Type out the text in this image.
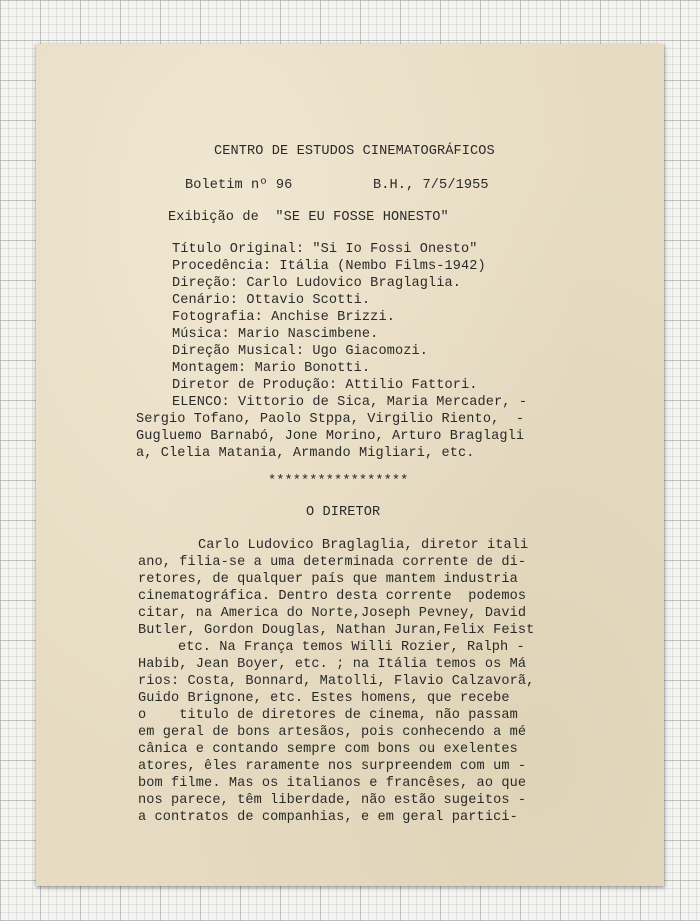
CENTRO DE ESTUDOS CINEMATOGRÁFICOS
Boletim nº 96	B.H., 7/5/1955
Exibição de  "SE EU FOSSE HONESTO"
Título Original: "Si Io Fossi Onesto"
Procedência: Itália (Nembo Films-1942)
Direção: Carlo Ludovico Braglaglia.
Cenário: Ottavio Scotti.
Fotografia: Anchise Brizzi.
Música: Mario Nascimbene.
Direção Musical: Ugo Giacomozi.
Montagem: Mario Bonotti.
Diretor de Produção: Attilio Fattori.
ELENCO: Vittorio de Sica, Maria Mercader, -
Sergio Tofano, Paolo Stppa, Virgilio Riento,  -
Gugluemo Barnabó, Jone Morino, Arturo Braglagli
a, Clelia Matania, Armando Migliari, etc.
*****************
O DIRETOR
Carlo Ludovico Braglaglia, diretor itali
ano, filia-se a uma determinada corrente de di-
retores, de qualquer país que mantem industria
cinematográfica. Dentro desta corrente  podemos
citar, na America do Norte,Joseph Pevney, David
Butler, Gordon Douglas, Nathan Juran,Felix Feist
etc. Na França temos Willi Rozier, Ralph -
Habib, Jean Boyer, etc. ; na Itália temos os Má
rios: Costa, Bonnard, Matolli, Flavio Calzavorã,
Guido Brignone, etc. Estes homens, que recebe
o    titulo de diretores de cinema, não passam
em geral de bons artesãos, pois conhecendo a mé
cânica e contando sempre com bons ou exelentes
atores, êles raramente nos surpreendem com um -
bom filme. Mas os italianos e francêses, ao que
nos parece, têm liberdade, não estão sugeitos -
a contratos de companhias, e em geral partici-
